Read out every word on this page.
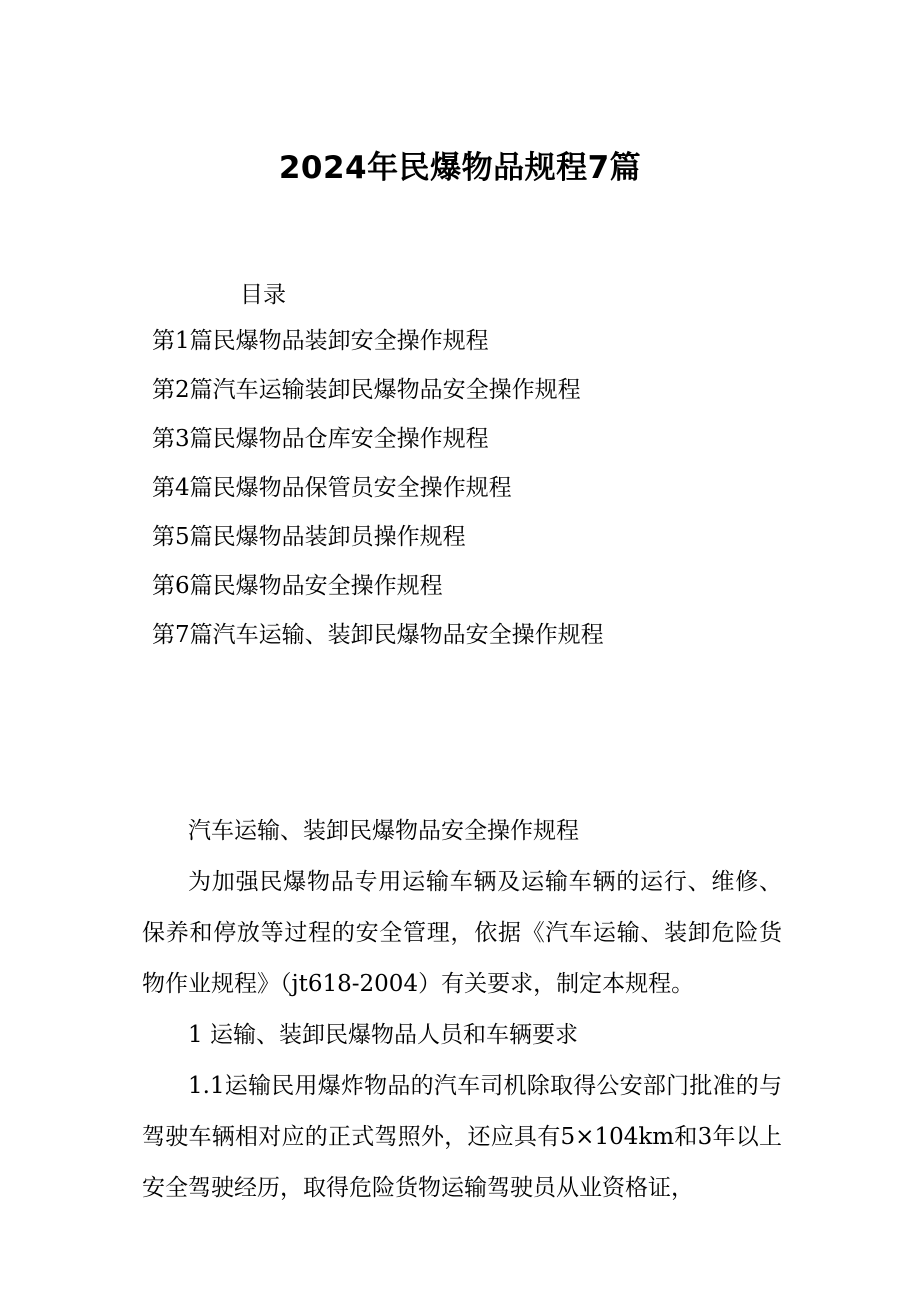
2024年民爆物品规程7篇
目录
第1篇民爆物品装卸安全操作规程
第2篇汽车运输装卸民爆物品安全操作规程
第3篇民爆物品仓库安全操作规程
第4篇民爆物品保管员安全操作规程
第5篇民爆物品装卸员操作规程
第6篇民爆物品安全操作规程
第7篇汽车运输、装卸民爆物品安全操作规程

汽车运输、装卸民爆物品安全操作规程

为加强民爆物品专用运输车辆及运输车辆的运行、维修、保养和停放等过程的安全管理，依据《汽车运输、装卸危险货物作业规程》（jt618-2004）有关要求，制定本规程。

1 运输、装卸民爆物品人员和车辆要求

1.1运输民用爆炸物品的汽车司机除取得公安部门批准的与驾驶车辆相对应的正式驾照外，还应具有5×104km和3年以上安全驾驶经历，取得危险货物运输驾驶员从业资格证，
